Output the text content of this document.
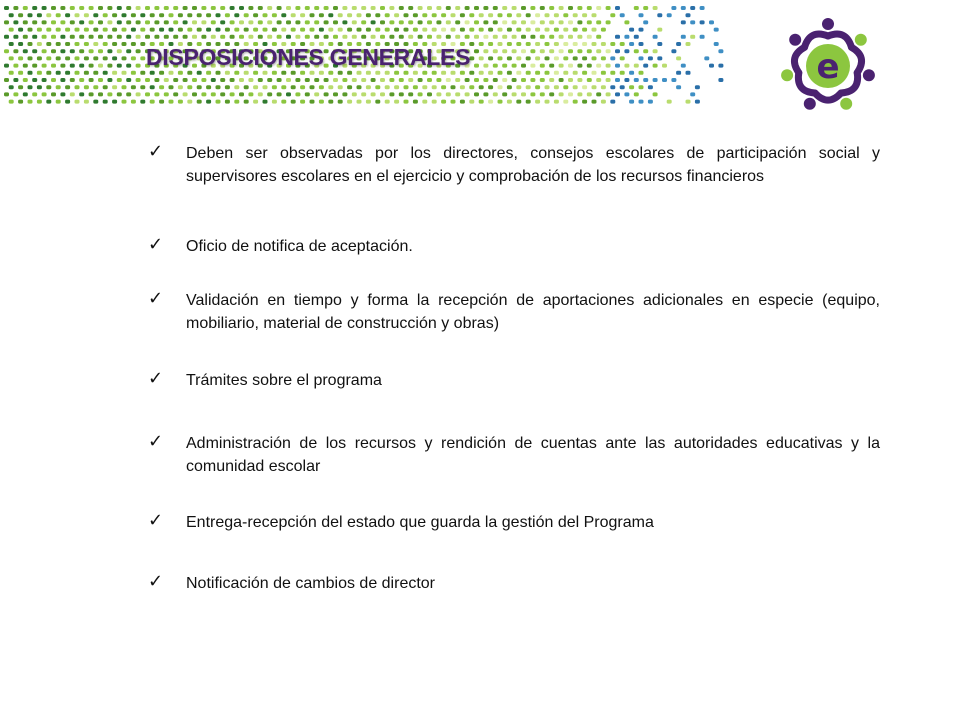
DISPOSICIONES GENERALES	e
✓ Deben ser observadas por los directores, consejos escolares de participación social y supervisores escolares en el ejercicio y comprobación de los recursos financieros
✓ Oficio de notifica de aceptación.
✓ Validación en tiempo y forma la recepción de aportaciones adicionales en especie (equipo, mobiliario, material de construcción y obras)
✓ Trámites sobre el programa
✓ Administración de los recursos y rendición de cuentas ante las autoridades educativas y la comunidad escolar
✓ Entrega-recepción del estado que guarda la gestión del Programa
✓ Notificación de cambios de director
